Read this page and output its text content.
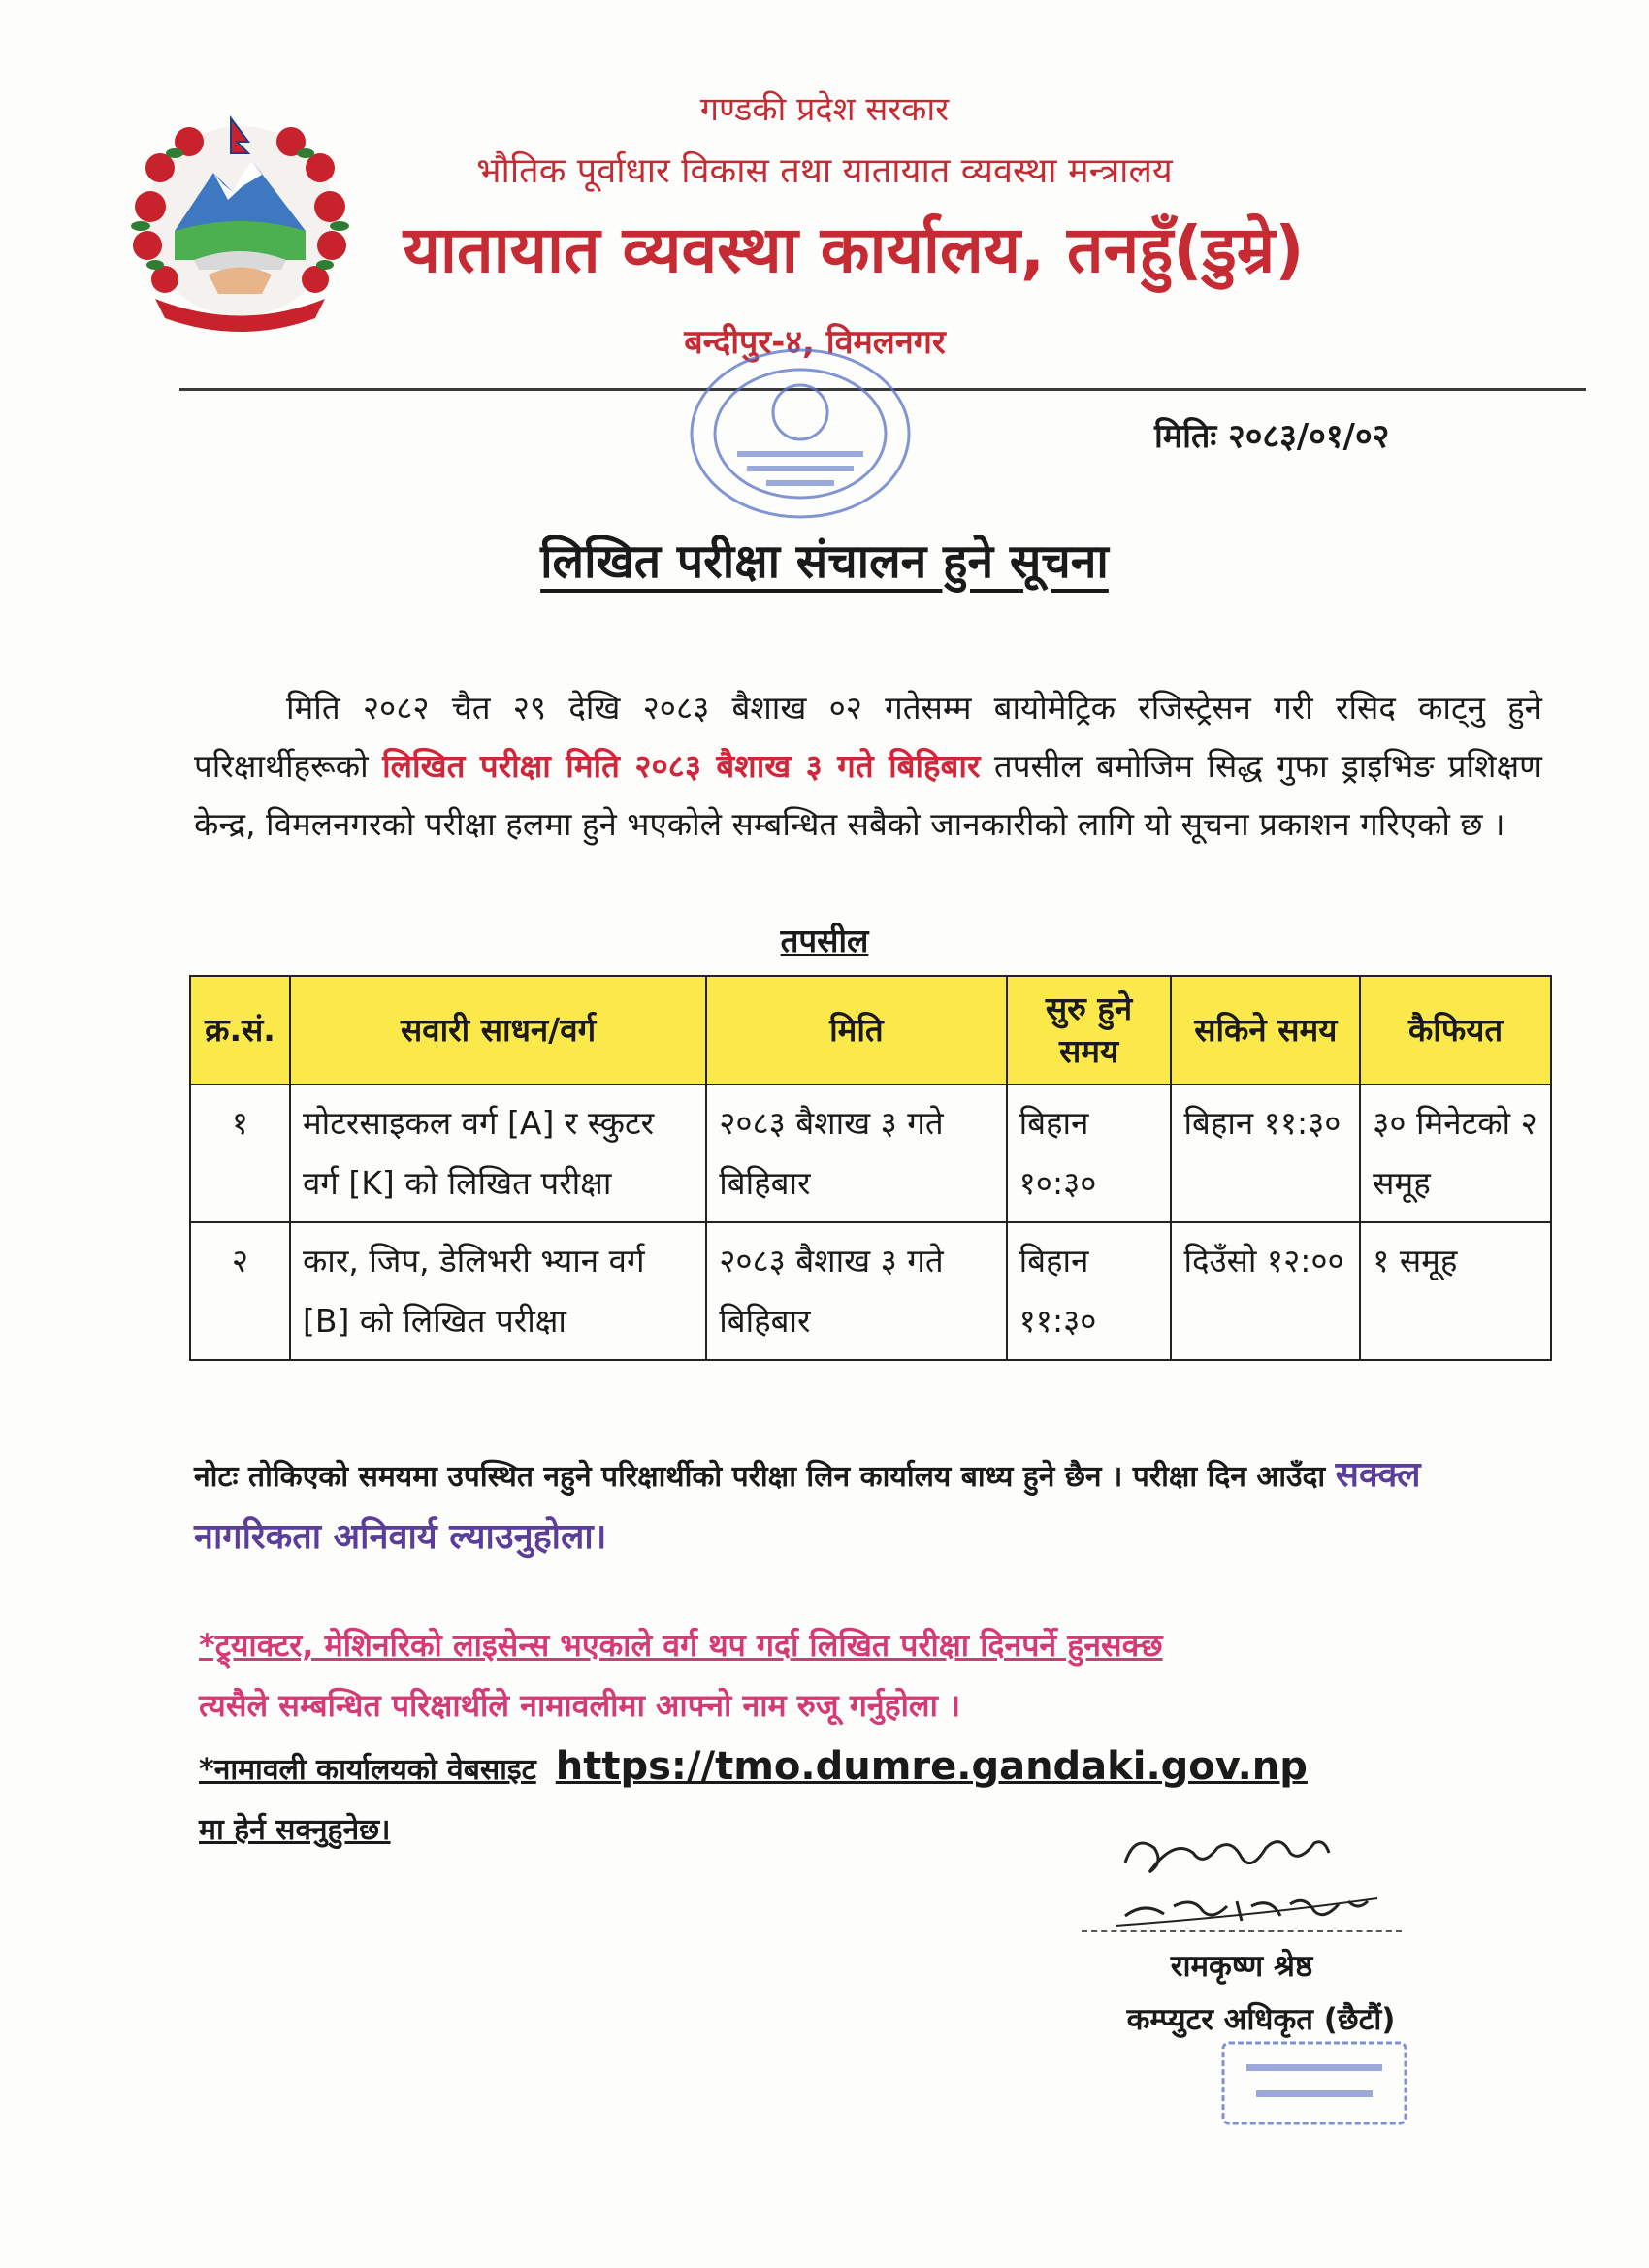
गण्डकी प्रदेश सरकार
भौतिक पूर्वाधार विकास तथा यातायात व्यवस्था मन्त्रालय
यातायात व्यवस्था कार्यालय, तनहुँ(डुम्रे)
बन्दीपुर-४, विमलनगर
मितिः २०८३/०१/०२
लिखित परीक्षा संचालन हुने सूचना
मिति २०८२ चैत २९ देखि २०८३ बैशाख ०२ गतेसम्म बायोमेट्रिक रजिस्ट्रेसन गरी रसिद काट्नु हुने परिक्षार्थीहरूको लिखित परीक्षा मिति २०८३ बैशाख ३ गते बिहिबार तपसील बमोजिम सिद्ध गुफा ड्राइभिङ प्रशिक्षण केन्द्र, विमलनगरको परीक्षा हलमा हुने भएकोले सम्बन्धित सबैको जानकारीको लागि यो सूचना प्रकाशन गरिएको छ ।
तपसील
क्र.सं.	सवारी साधन/वर्ग	मिति	सुरु हुने समय	सकिने समय	कैफियत
१	मोटरसाइकल वर्ग [A] र स्कुटर वर्ग [K] को लिखित परीक्षा	२०८३ बैशाख ३ गते बिहिबार	बिहान १०:३०	बिहान ११:३०	३० मिनेटको २ समूह
२	कार, जिप, डेलिभरी भ्यान वर्ग [B] को लिखित परीक्षा	२०८३ बैशाख ३ गते बिहिबार	बिहान ११:३०	दिउँसो १२:००	१ समूह
नोटः तोकिएको समयमा उपस्थित नहुने परिक्षार्थीको परीक्षा लिन कार्यालय बाध्य हुने छैन । परीक्षा दिन आउँदा सक्क्ल नागरिकता अनिवार्य ल्याउनुहोला।
*ट्र्याक्टर, मेशिनरिको लाइसेन्स भएकाले वर्ग थप गर्दा लिखित परीक्षा दिनपर्ने हुनसक्छ
त्यसैले सम्बन्धित परिक्षार्थीले नामावलीमा आफ्नो नाम रुजू गर्नुहोला ।
*नामावली कार्यालयको वेबसाइट https://tmo.dumre.gandaki.gov.np
मा हेर्न सक्नुहुनेछ।
रामकृष्ण श्रेष्ठ
कम्प्युटर अधिकृत (छैटौं)
